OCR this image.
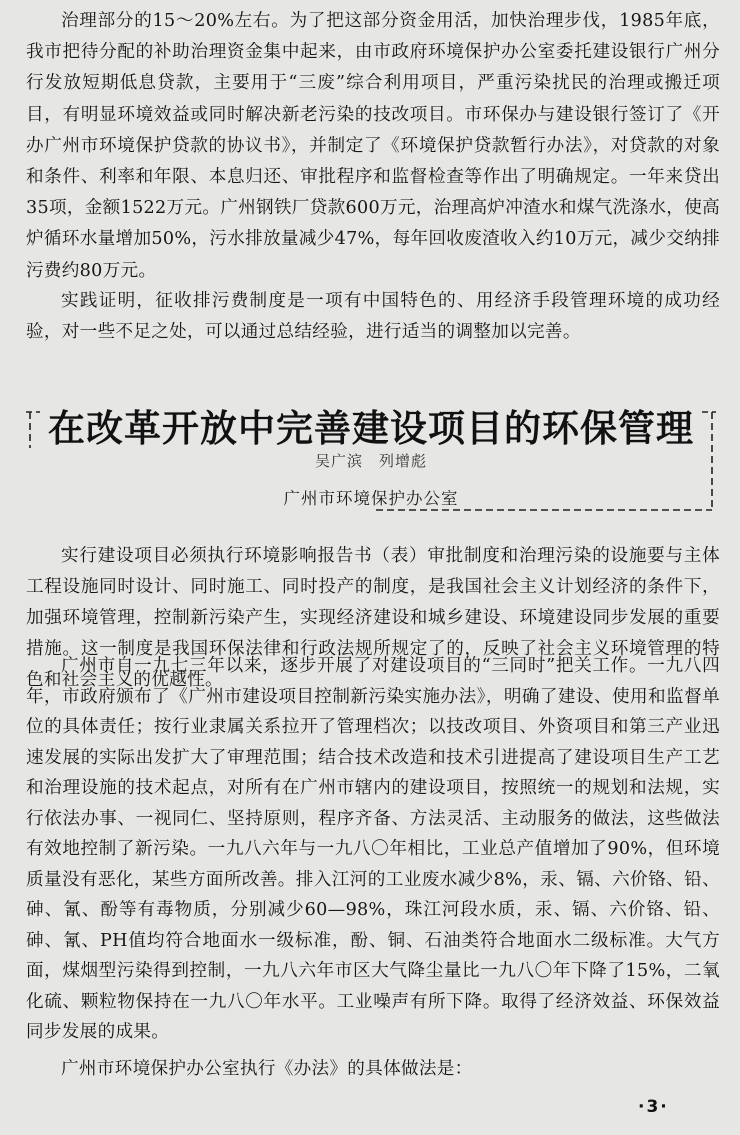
治理部分的15～20%左右。为了把这部分资金用活，加快治理步伐，1985年底，我市把待分配的补助治理资金集中起来，由市政府环境保护办公室委托建设银行广州分行发放短期低息贷款，主要用于“三废”综合利用项目，严重污染扰民的治理或搬迁项目，有明显环境效益或同时解决新老污染的技改项目。市环保办与建设银行签订了《开办广州市环境保护贷款的协议书》，并制定了《环境保护贷款暂行办法》，对贷款的对象和条件、利率和年限、本息归还、审批程序和监督检查等作出了明确规定。一年来贷出35项，金额1522万元。广州钢铁厂贷款600万元，治理高炉冲渣水和煤气洗涤水，使高炉循环水量增加50%，污水排放量减少47%，每年回收废渣收入约10万元，减少交纳排污费约80万元。

实践证明，征收排污费制度是一项有中国特色的、用经济手段管理环境的成功经验，对一些不足之处，可以通过总结经验，进行适当的调整加以完善。

在改革开放中完善建设项目的环保管理
吴广滨　列增彪
广州市环境保护办公室

实行建设项目必须执行环境影响报告书（表）审批制度和治理污染的设施要与主体工程设施同时设计、同时施工、同时投产的制度，是我国社会主义计划经济的条件下，加强环境管理，控制新污染产生，实现经济建设和城乡建设、环境建设同步发展的重要措施。这一制度是我国环保法律和行政法规所规定了的，反映了社会主义环境管理的特色和社会主义的优越性。

广州市自一九七三年以来，逐步开展了对建设项目的“三同时”把关工作。一九八四年，市政府颁布了《广州市建设项目控制新污染实施办法》，明确了建设、使用和监督单位的具体责任；按行业隶属关系拉开了管理档次；以技改项目、外资项目和第三产业迅速发展的实际出发扩大了审理范围；结合技术改造和技术引进提高了建设项目生产工艺和治理设施的技术起点，对所有在广州市辖内的建设项目，按照统一的规划和法规，实行依法办事、一视同仁、坚持原则，程序齐备、方法灵活、主动服务的做法，这些做法有效地控制了新污染。一九八六年与一九八〇年相比，工业总产值增加了90%，但环境质量没有恶化，某些方面所改善。排入江河的工业废水减少8%，汞、镉、六价铬、铅、砷、氰、酚等有毒物质，分别减少60—98%，珠江河段水质，汞、镉、六价铬、铅、砷、氰、PH值均符合地面水一级标准，酚、铜、石油类符合地面水二级标准。大气方面，煤烟型污染得到控制，一九八六年市区大气降尘量比一九八〇年下降了15%，二氧化硫、颗粒物保持在一九八〇年水平。工业噪声有所下降。取得了经济效益、环保效益同步发展的成果。

广州市环境保护办公室执行《办法》的具体做法是：

·3·
